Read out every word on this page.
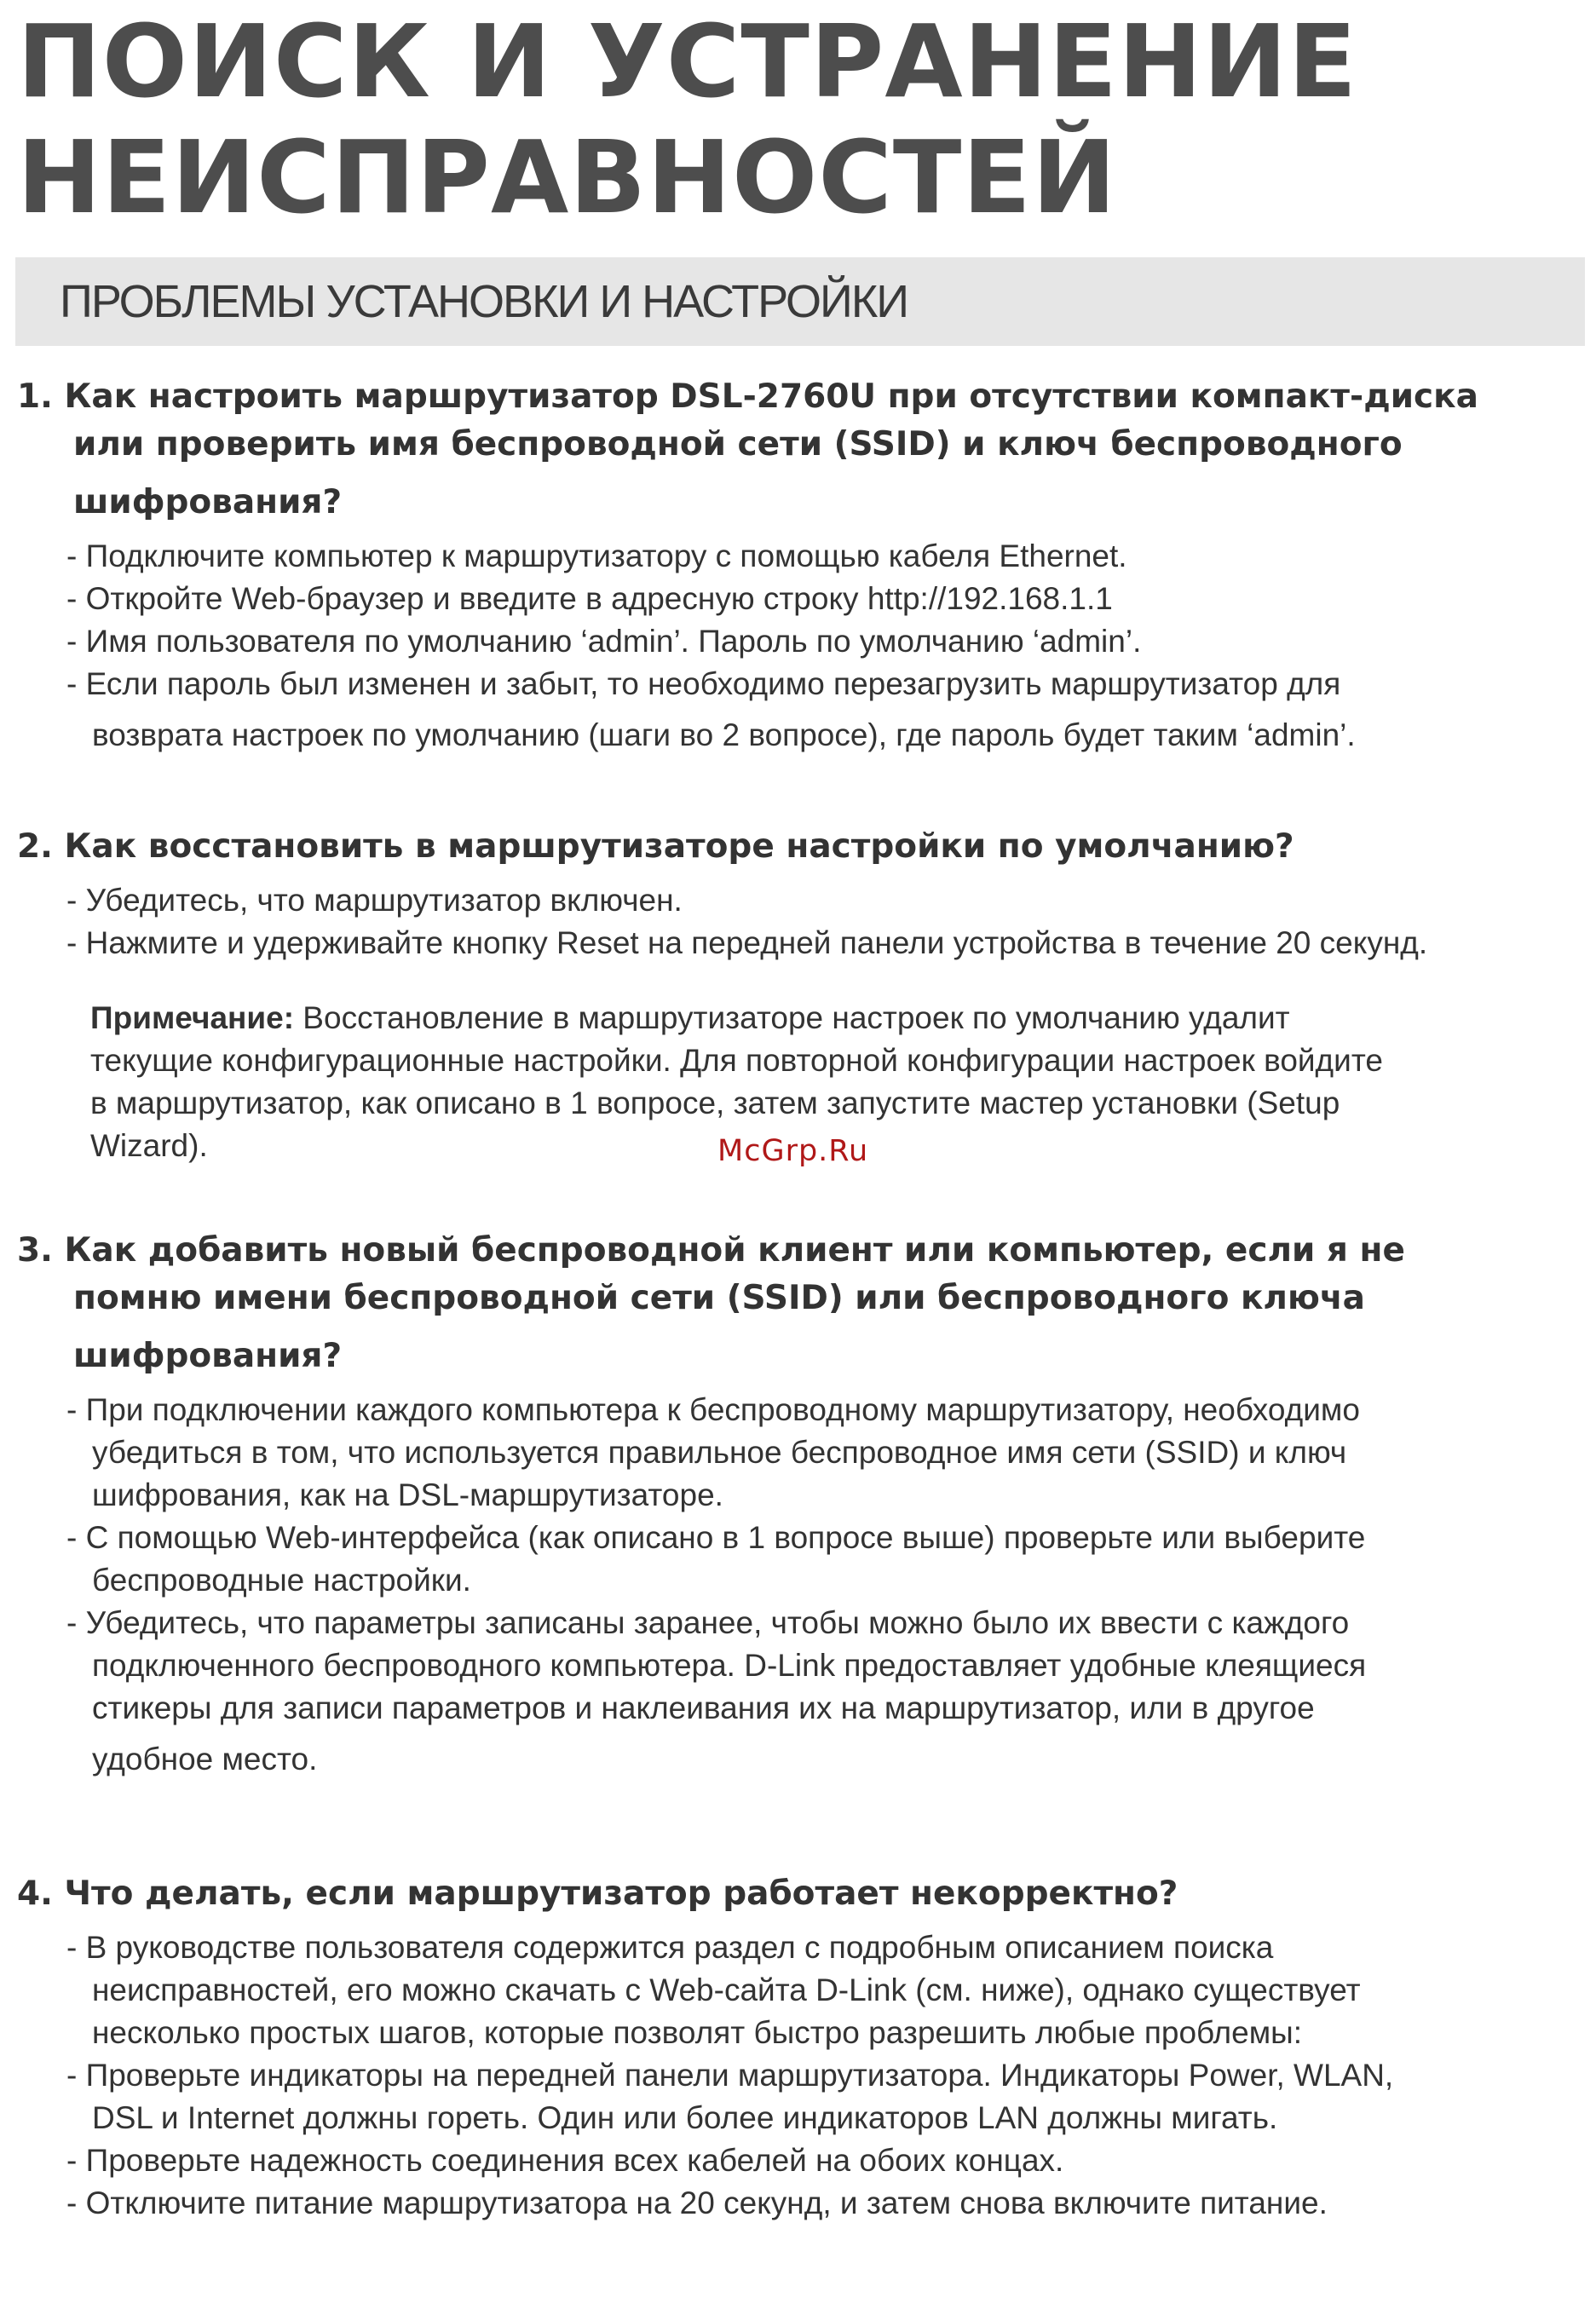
ПОИСК И УСТРАНЕНИЕ
НЕИСПРАВНОСТЕЙ
ПРОБЛЕМЫ УСТАНОВКИ И НАСТРОЙКИ
1. Как настроить маршрутизатор DSL-2760U при отсутствии компакт-диска
или проверить имя беспроводной сети (SSID) и ключ беспроводного
шифрования?
- Подключите компьютер к маршрутизатору с помощью кабеля Ethernet.
- Откройте Web-браузер и введите в адресную строку http://192.168.1.1
- Имя пользователя по умолчанию ‘admin’. Пароль по умолчанию ‘admin’.
- Если пароль был изменен и забыт, то необходимо перезагрузить маршрутизатор для
возврата настроек по умолчанию (шаги во 2 вопросе), где пароль будет таким ‘admin’.
2. Как восстановить в маршрутизаторе настройки по умолчанию?
- Убедитесь, что маршрутизатор включен.
- Нажмите и удерживайте кнопку Reset на передней панели устройства в течение 20 секунд.
Примечание: Восстановление в маршрутизаторе настроек по умолчанию удалит
текущие конфигурационные настройки. Для повторной конфигурации настроек войдите
в маршрутизатор, как описано в 1 вопросе, затем запустите мастер установки (Setup
Wizard).
3. Как добавить новый беспроводной клиент или компьютер, если я не
помню имени беспроводной сети (SSID) или беспроводного ключа
шифрования?
- При подключении каждого компьютера к беспроводному маршрутизатору, необходимо
убедиться в том, что используется правильное беспроводное имя сети (SSID) и ключ
шифрования, как на DSL-маршрутизаторе.
- С помощью Web-интерфейса (как описано в 1 вопросе выше) проверьте или выберите
беспроводные настройки.
- Убедитесь, что параметры записаны заранее, чтобы можно было их ввести с каждого
подключенного беспроводного компьютера. D-Link предоставляет удобные клеящиеся
стикеры для записи параметров и наклеивания их на маршрутизатор, или в другое
удобное место.
4. Что делать, если маршрутизатор работает некорректно?
- В руководстве пользователя содержится раздел с подробным описанием поиска
неисправностей, его можно скачать с Web-сайта D-Link (см. ниже), однако существует
несколько простых шагов, которые позволят быстро разрешить любые проблемы:
- Проверьте индикаторы на передней панели маршрутизатора. Индикаторы Power, WLAN,
DSL и Internet должны гореть. Один или более индикаторов LAN должны мигать.
- Проверьте надежность соединения всех кабелей на обоих концах.
- Отключите питание маршрутизатора на 20 секунд, и затем снова включите питание.
McGrp.Ru
